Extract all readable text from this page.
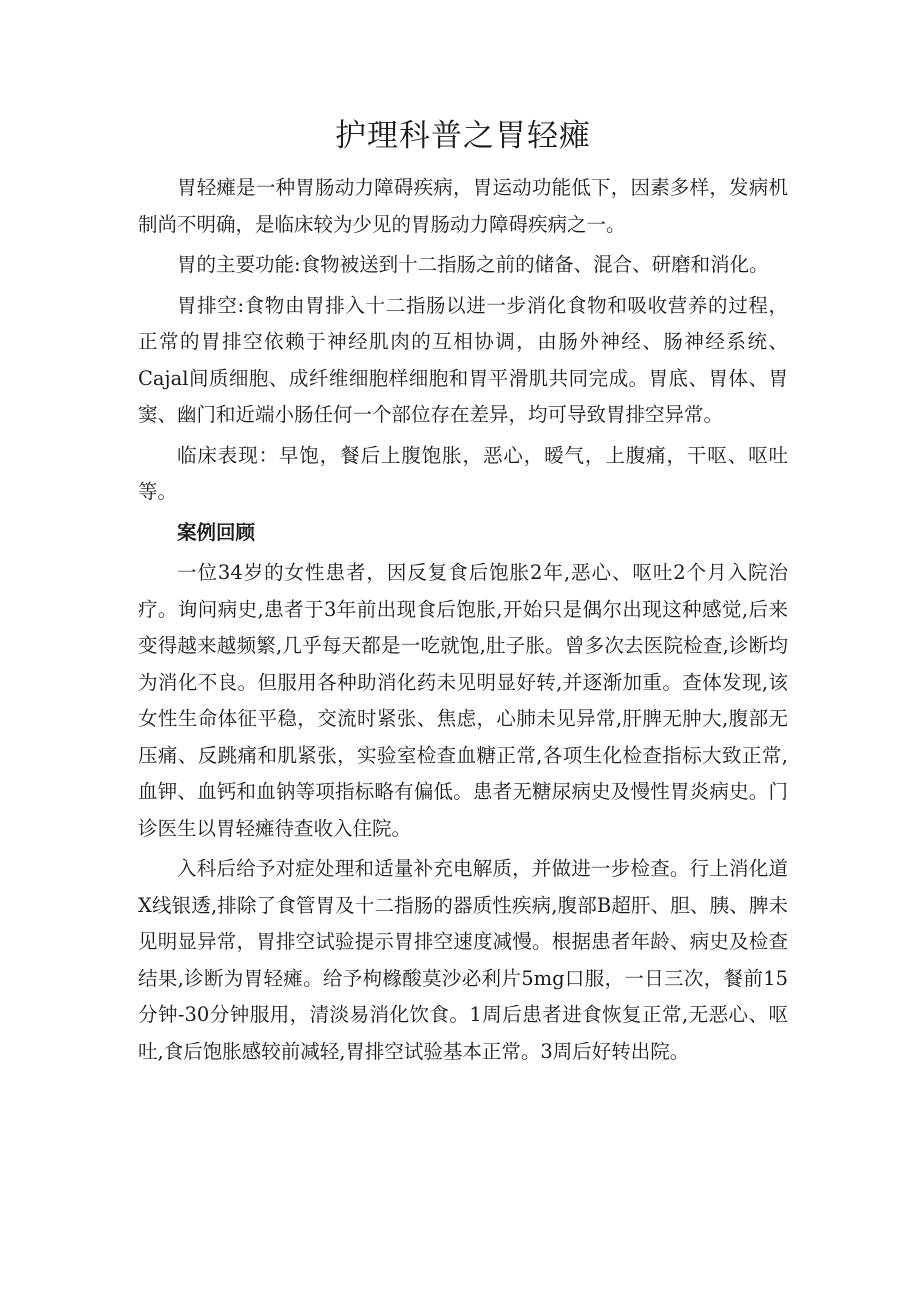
护理科普之胃轻瘫

胃轻瘫是一种胃肠动力障碍疾病，胃运动功能低下，因素多样，发病机制尚不明确，是临床较为少见的胃肠动力障碍疾病之一。

胃的主要功能:食物被送到十二指肠之前的储备、混合、研磨和消化。

胃排空:食物由胃排入十二指肠以进一步消化食物和吸收营养的过程，正常的胃排空依赖于神经肌肉的互相协调，由肠外神经、肠神经系统、Cajal间质细胞、成纤维细胞样细胞和胃平滑肌共同完成。胃底、胃体、胃窦、幽门和近端小肠任何一个部位存在差异，均可导致胃排空异常。

临床表现：早饱，餐后上腹饱胀，恶心，暧气，上腹痛，干呕、呕吐等。

案例回顾

一位34岁的女性患者，因反复食后饱胀2年,恶心、呕吐2个月入院治疗。询问病史,患者于3年前出现食后饱胀,开始只是偶尔出现这种感觉,后来变得越来越频繁,几乎每天都是一吃就饱,肚子胀。曾多次去医院检查,诊断均为消化不良。但服用各种助消化药未见明显好转,并逐渐加重。查体发现,该女性生命体征平稳，交流时紧张、焦虑，心肺未见异常,肝脾无肿大,腹部无压痛、反跳痛和肌紧张，实验室检查血糖正常,各项生化检查指标大致正常,血钾、血钙和血钠等项指标略有偏低。患者无糖尿病史及慢性胃炎病史。门诊医生以胃轻瘫待查收入住院。

入科后给予对症处理和适量补充电解质，并做进一步检查。行上消化道X线银透,排除了食管胃及十二指肠的器质性疾病,腹部B超肝、胆、胰、脾未见明显异常，胃排空试验提示胃排空速度减慢。根据患者年龄、病史及检查结果,诊断为胃轻瘫。给予枸橼酸莫沙必利片5mg口服，一日三次，餐前15分钟-30分钟服用，清淡易消化饮食。1周后患者进食恢复正常,无恶心、呕吐,食后饱胀感较前减轻,胃排空试验基本正常。3周后好转出院。
